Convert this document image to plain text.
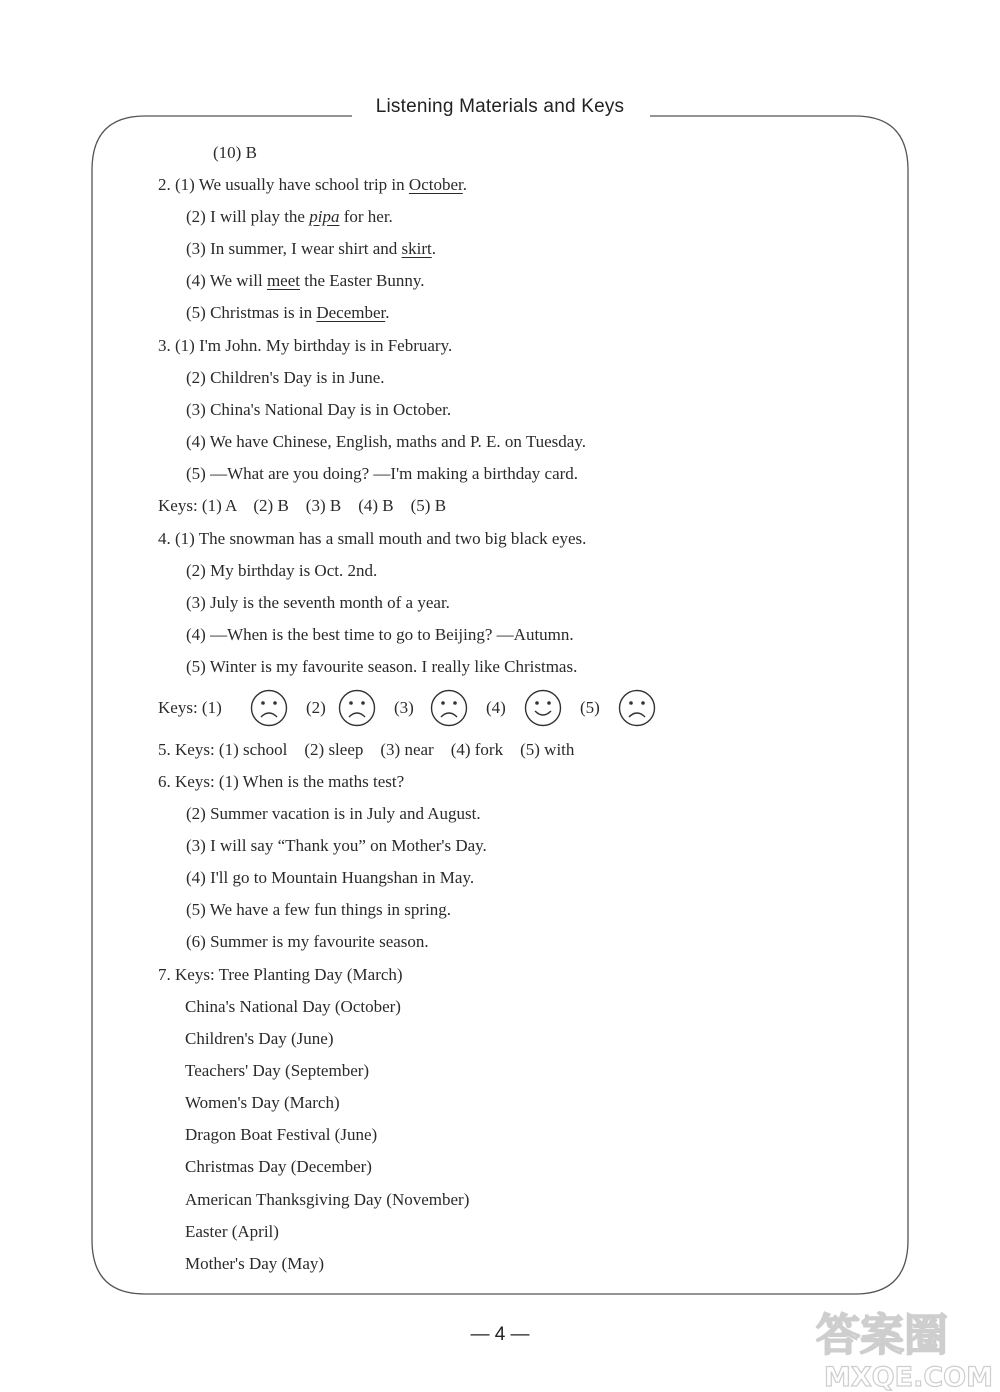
Listening Materials and Keys
(10) B
2. (1) We usually have school trip in October.
(2) I will play the pipa for her.
(3) In summer, I wear shirt and skirt.
(4) We will meet the Easter Bunny.
(5) Christmas is in December.
3. (1) I'm John. My birthday is in February.
(2) Children's Day is in June.
(3) China's National Day is in October.
(4) We have Chinese, English, maths and P. E. on Tuesday.
(5) —What are you doing? —I'm making a birthday card.
Keys: (1) A    (2) B    (3) B    (4) B    (5) B
4. (1) The snowman has a small mouth and two big black eyes.
(2) My birthday is Oct. 2nd.
(3) July is the seventh month of a year.
(4) —When is the best time to go to Beijing? —Autumn.
(5) Winter is my favourite season. I really like Christmas.
5. Keys: (1) school    (2) sleep    (3) near    (4) fork    (5) with
6. Keys: (1) When is the maths test?
(2) Summer vacation is in July and August.
(3) I will say “Thank you” on Mother's Day.
(4) I'll go to Mountain Huangshan in May.
(5) We have a few fun things in spring.
(6) Summer is my favourite season.
7. Keys: Tree Planting Day (March)
China's National Day (October)
Children's Day (June)
Teachers' Day (September)
Women's Day (March)
Dragon Boat Festival (June)
Christmas Day (December)
American Thanksgiving Day (November)
Easter (April)
Mother's Day (May)
Keys: (1)	(2)	(3)	(4)	(5)
— 4 —	答案圈
MXQE.COM
